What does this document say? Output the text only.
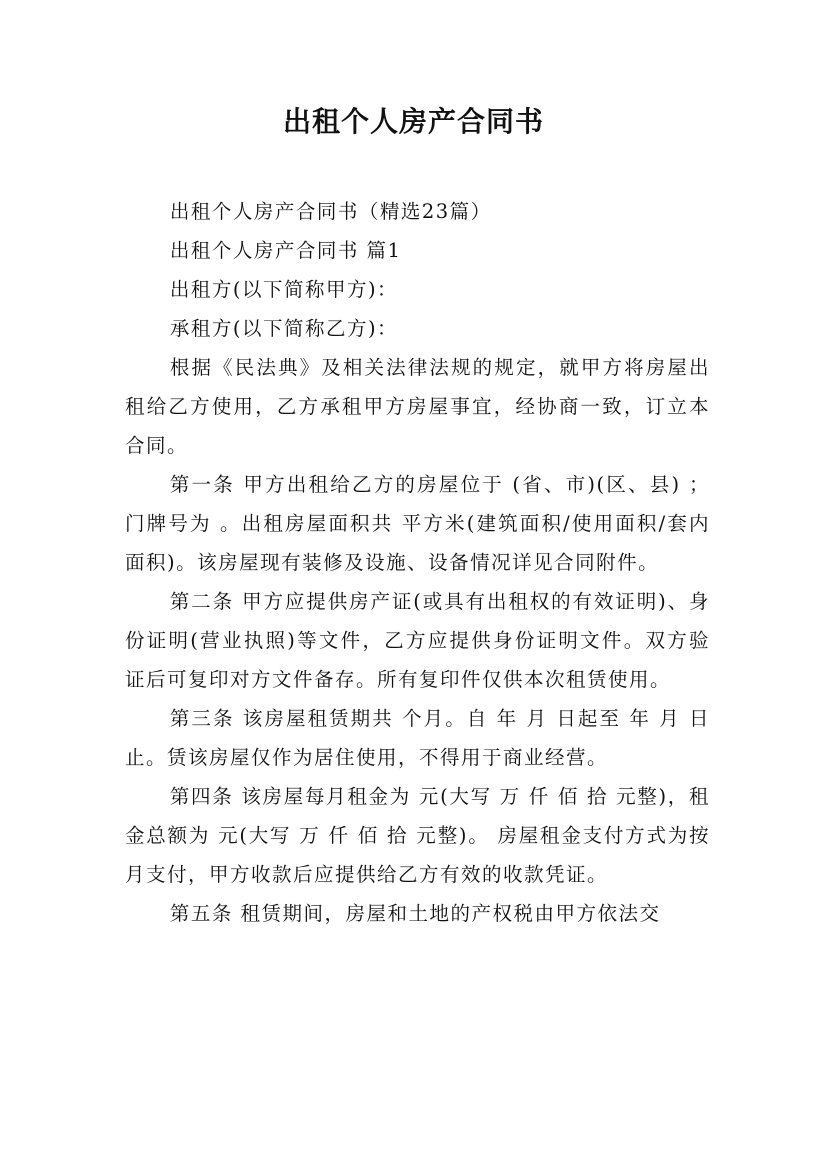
出租个人房产合同书

出租个人房产合同书（精选23篇）

出租个人房产合同书 篇1

出租方(以下简称甲方)：

承租方(以下简称乙方)：

根据《民法典》及相关法律法规的规定，就甲方将房屋出租给乙方使用，乙方承租甲方房屋事宜，经协商一致，订立本合同。

第一条 甲方出租给乙方的房屋位于 (省、市)(区、县) ；门牌号为 。出租房屋面积共 平方米(建筑面积/使用面积/套内面积)。该房屋现有装修及设施、设备情况详见合同附件。

第二条 甲方应提供房产证(或具有出租权的有效证明)、身份证明(营业执照)等文件，乙方应提供身份证明文件。双方验证后可复印对方文件备存。所有复印件仅供本次租赁使用。

第三条 该房屋租赁期共 个月。自 年 月 日起至 年 月 日止。赁该房屋仅作为居住使用，不得用于商业经营。

第四条 该房屋每月租金为 元(大写 万 仟 佰 拾 元整)，租金总额为 元(大写 万 仟 佰 拾 元整)。 房屋租金支付方式为按月支付，甲方收款后应提供给乙方有效的收款凭证。

第五条 租赁期间，房屋和土地的产权税由甲方依法交
